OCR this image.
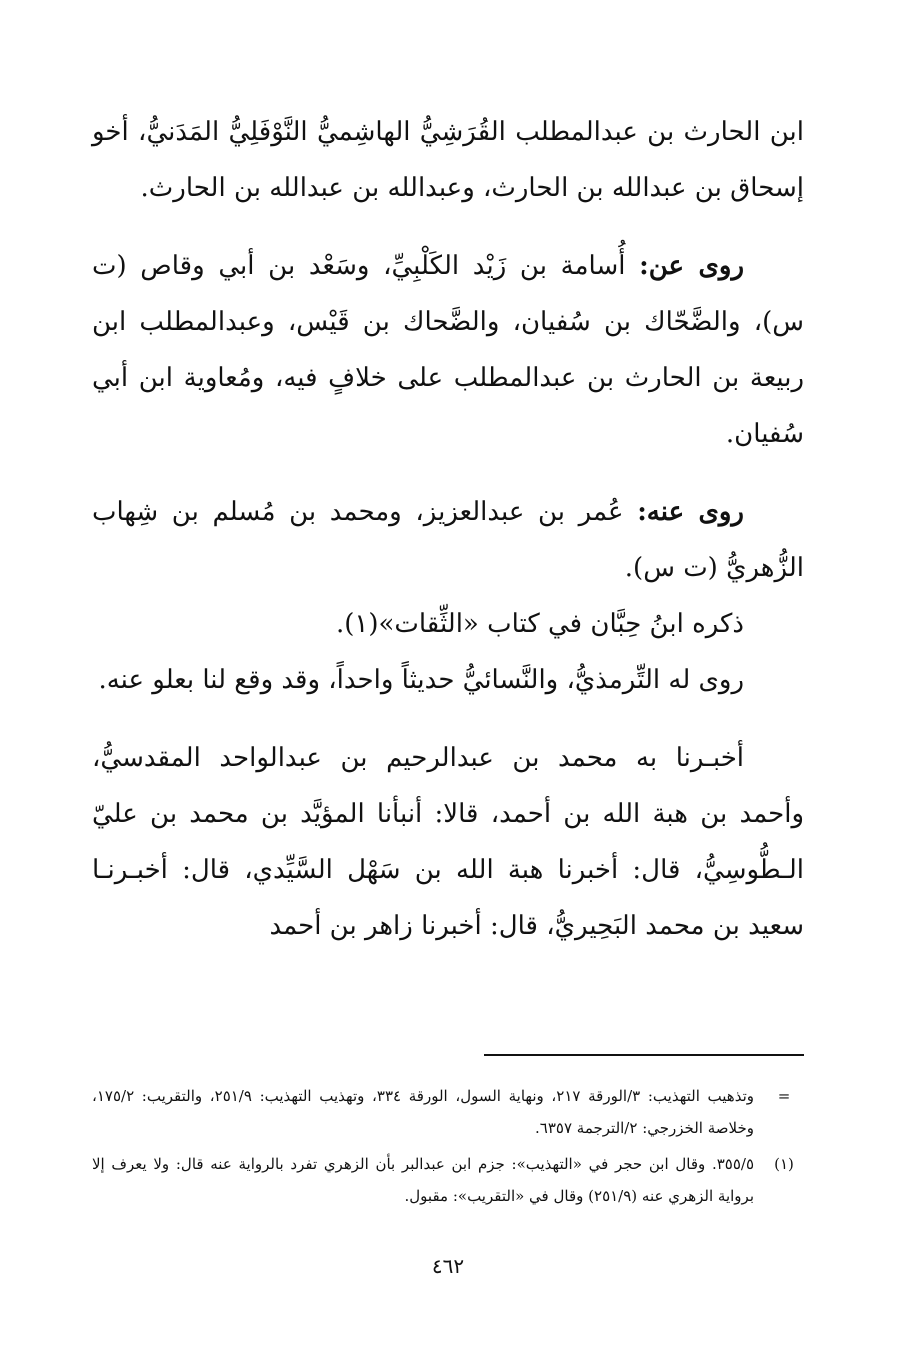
ابن الحارث بن عبدالمطلب القُرَشِيُّ الهاشِميُّ النَّوْفَلِيُّ المَدَنيُّ، أخو إسحاق بن عبدالله بن الحارث، وعبدالله بن عبدالله بن الحارث.

روى عن: أُسامة بن زَيْد الكَلْبِيِّ، وسَعْد بن أبي وقاص (ت س)، والضَّحّاك بن سُفيان، والضَّحاك بن قَيْس، وعبدالمطلب ابن ربيعة بن الحارث بن عبدالمطلب على خلافٍ فيه، ومُعاوية ابن أبي سُفيان.

روى عنه: عُمر بن عبدالعزيز، ومحمد بن مُسلم بن شِهاب الزُّهريُّ (ت س).

ذكره ابنُ حِبَّان في كتاب «الثِّقات»(١).

روى له التِّرمذيُّ، والنَّسائيُّ حديثاً واحداً، وقد وقع لنا بعلو عنه.

أخبـرنا به محمد بن عبدالرحيم بن عبدالواحد المقدسيُّ، وأحمد بن هبة الله بن أحمد، قالا: أنبأنا المؤيَّد بن محمد بن عليّ الـطُّوسِيُّ، قال: أخبرنا هبة الله بن سَهْل السَّيِّدي، قال: أخبـرنـا سعيد بن محمد البَحِيريُّ، قال: أخبرنا زاهر بن أحمد

=
وتذهيب التهذيب: ٣/الورقة ٢١٧، ونهاية السول، الورقة ٣٣٤، وتهذيب التهذيب: ٢٥١/٩، والتقريب: ١٧٥/٢، وخلاصة الخزرجي: ٢/الترجمة ٦٣٥٧.
(١)
٣٥٥/٥. وقال ابن حجر في «التهذيب»: جزم ابن عبدالبر بأن الزهري تفرد بالرواية عنه قال: ولا يعرف إلا برواية الزهري عنه (٢٥١/٩) وقال في «التقريب»: مقبول.
٤٦٢
